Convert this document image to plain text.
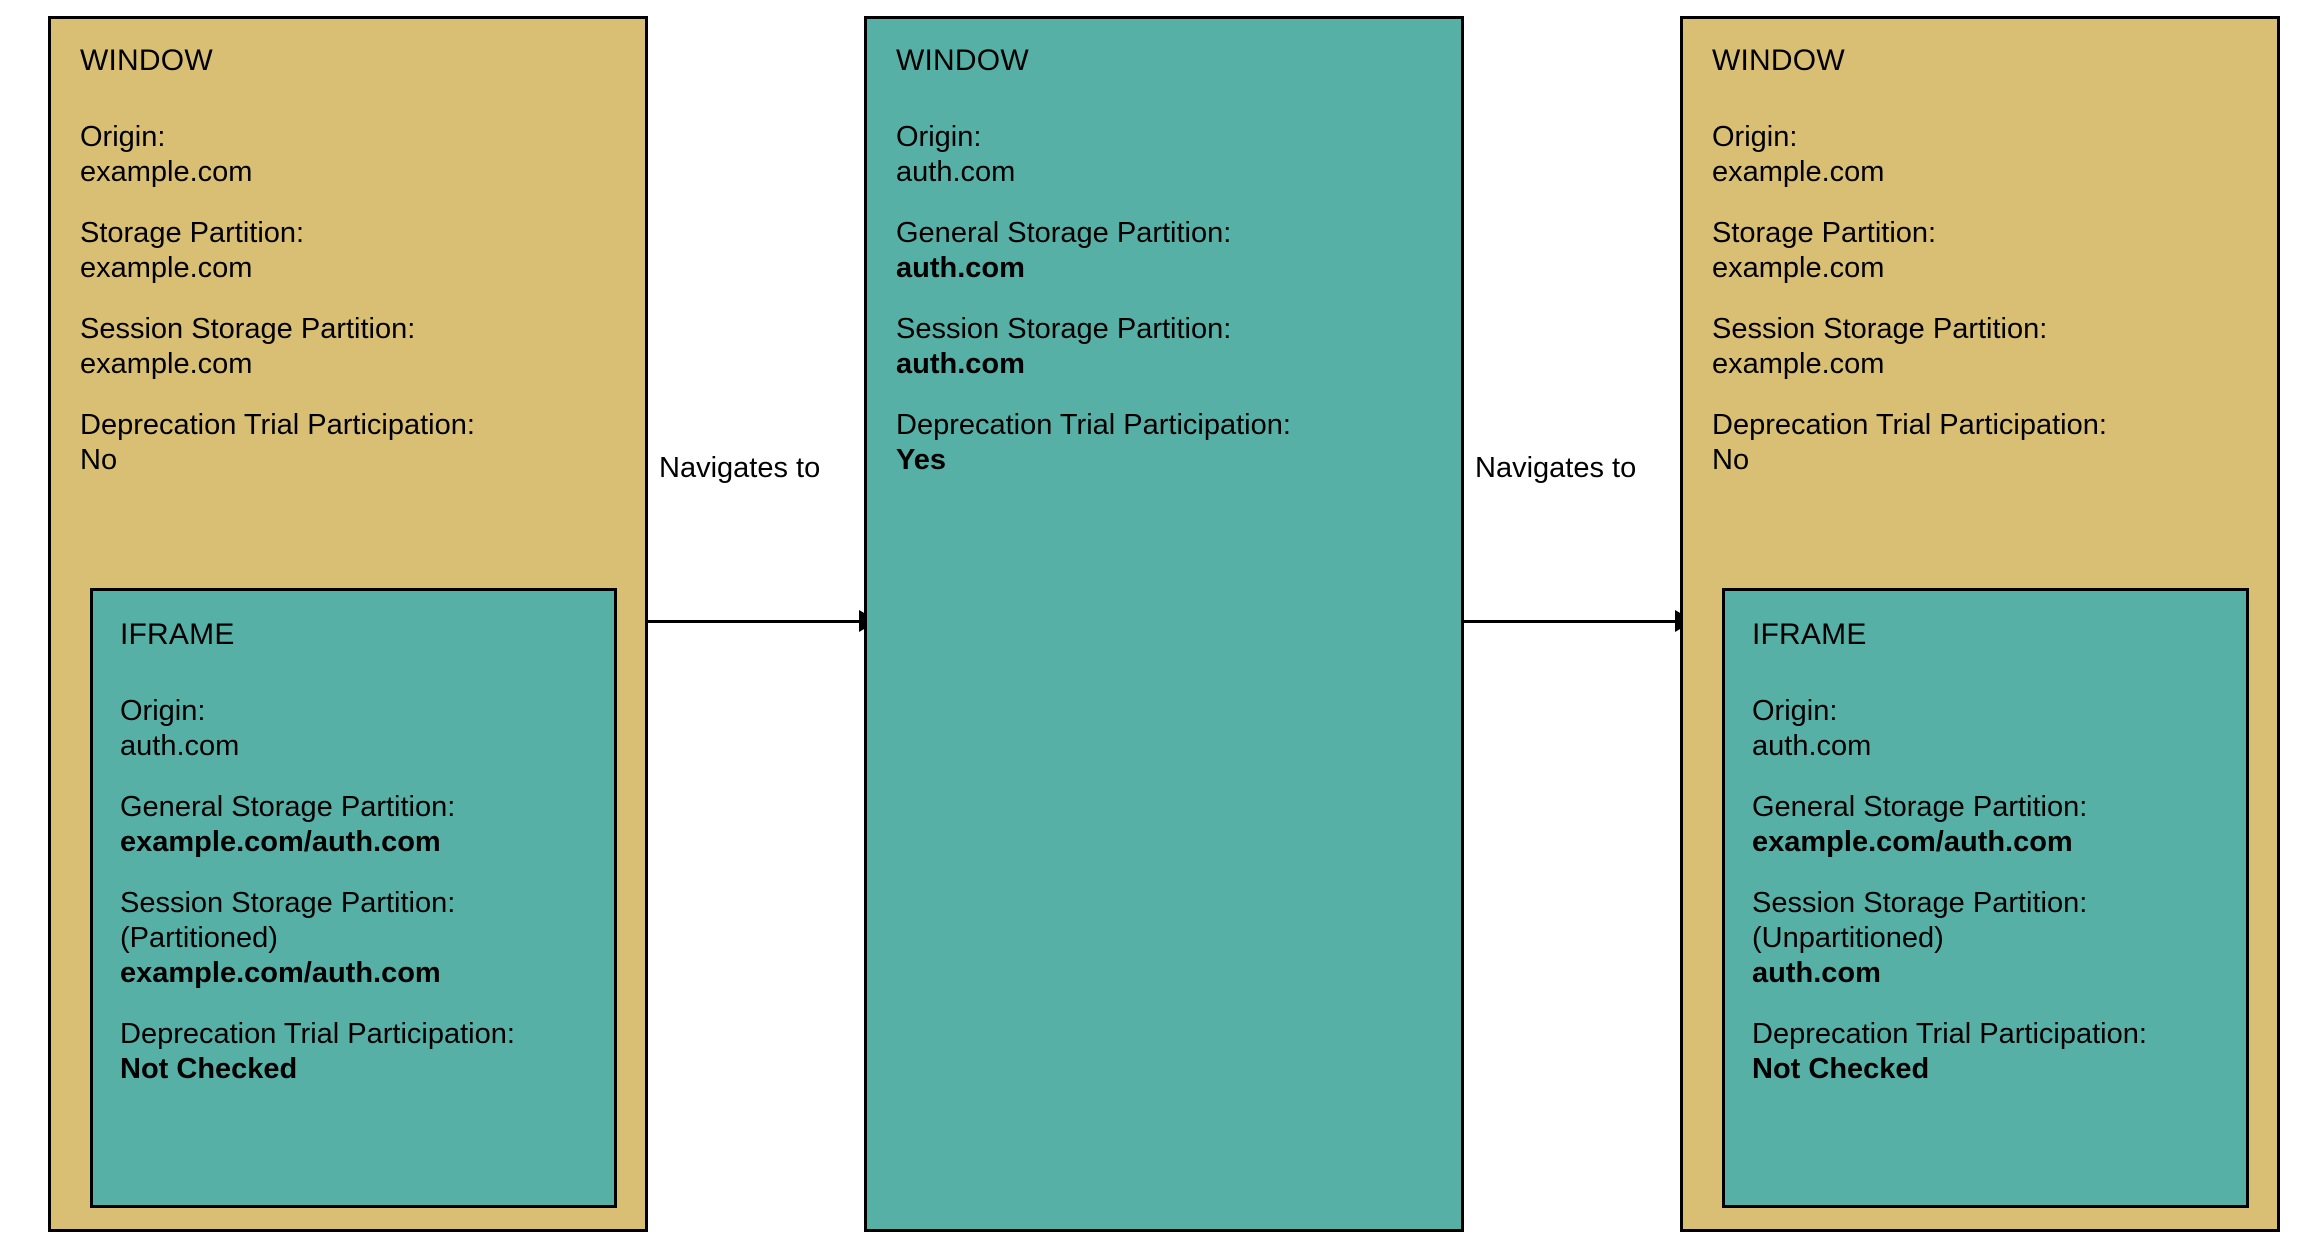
WINDOW
Origin:
example.com
Storage Partition:
example.com
Session Storage Partition:
example.com
Deprecation Trial Participation:
No
IFRAME
Origin:
auth.com
General Storage Partition:
example.com/auth.com
Session Storage Partition:
(Partitioned)
example.com/auth.com
Deprecation Trial Participation:
Not Checked
Navigates to
WINDOW
Origin:
auth.com
General Storage Partition:
auth.com
Session Storage Partition:
auth.com
Deprecation Trial Participation:
Yes	Navigates to
WINDOW
Origin:
example.com
Storage Partition:
example.com
Session Storage Partition:
example.com
Deprecation Trial Participation:
No
IFRAME
Origin:
auth.com
General Storage Partition:
example.com/auth.com
Session Storage Partition:
(Unpartitioned)
auth.com
Deprecation Trial Participation:
Not Checked
